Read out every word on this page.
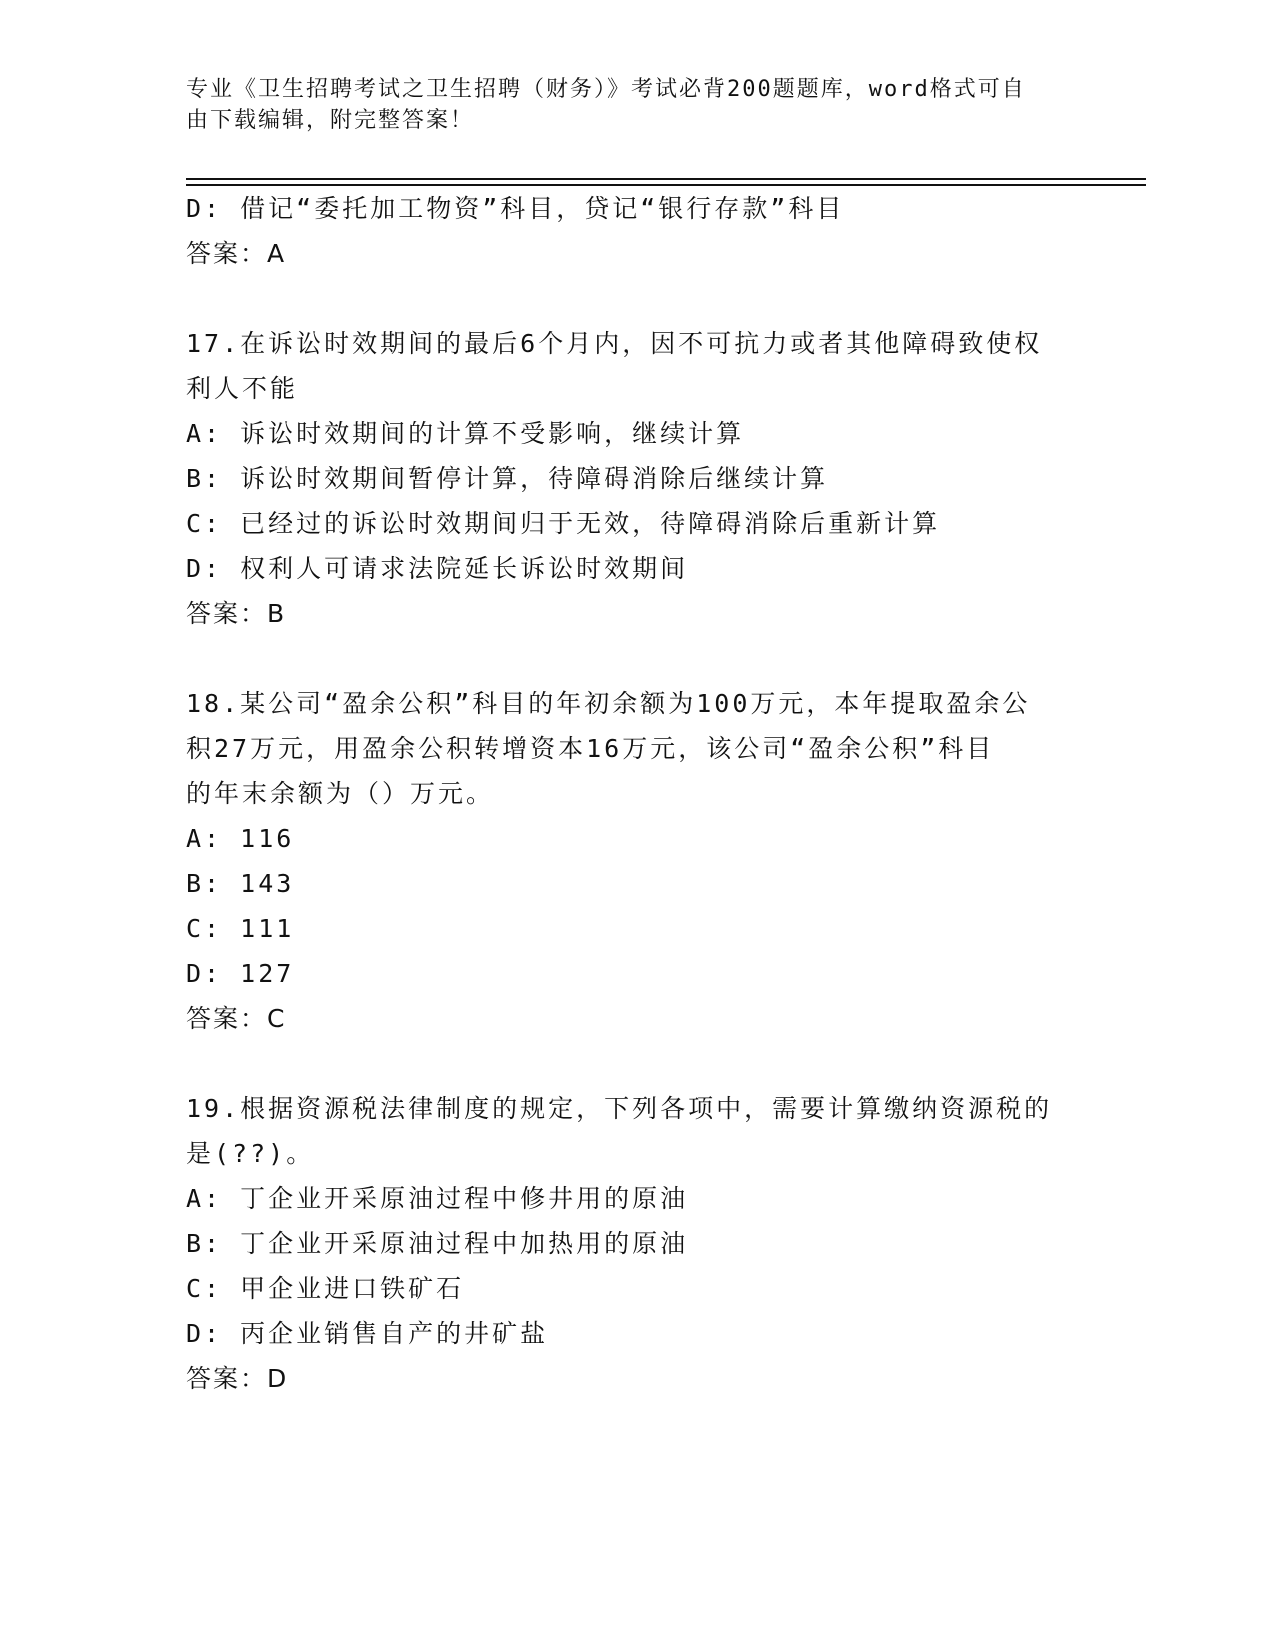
专业《卫生招聘考试之卫生招聘（财务）》考试必背200题题库，word格式可自
由下载编辑，附完整答案！
D: 借记“委托加工物资”科目，贷记“银行存款”科目
答案：A
17.在诉讼时效期间的最后6个月内，因不可抗力或者其他障碍致使权
利人不能
A: 诉讼时效期间的计算不受影响，继续计算
B: 诉讼时效期间暂停计算，待障碍消除后继续计算
C: 已经过的诉讼时效期间归于无效，待障碍消除后重新计算
D: 权利人可请求法院延长诉讼时效期间
答案：B
18.某公司“盈余公积”科目的年初余额为100万元，本年提取盈余公
积27万元，用盈余公积转增资本16万元，该公司“盈余公积”科目
的年末余额为（）万元。
A: 116
B: 143
C: 111
D: 127
答案：C
19.根据资源税法律制度的规定，下列各项中，需要计算缴纳资源税的
是(??)。
A: 丁企业开采原油过程中修井用的原油
B: 丁企业开采原油过程中加热用的原油
C: 甲企业进口铁矿石
D: 丙企业销售自产的井矿盐
答案：D
